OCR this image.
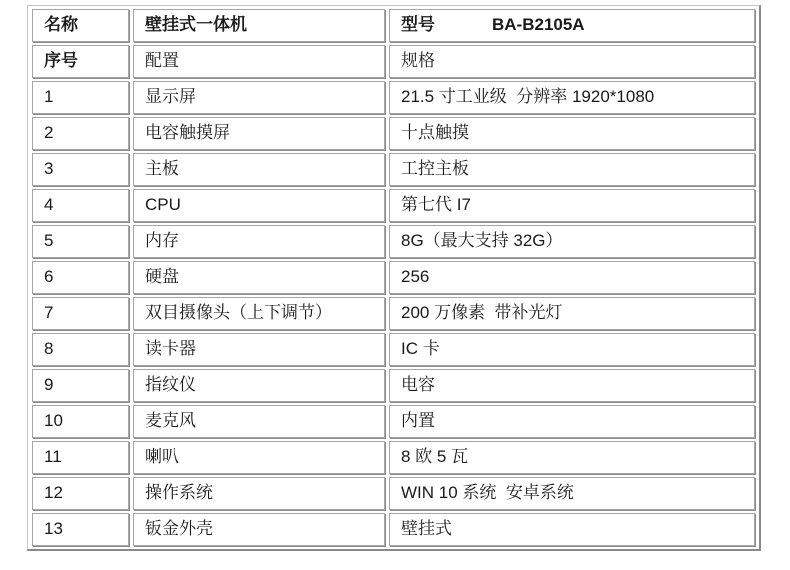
名称	壁挂式一体机	型号 BA-B2105A
序号	配置	规格
1	显示屏	21.5 寸工业级  分辨率 1920*1080
2	电容触摸屏	十点触摸
3	主板	工控主板
4	CPU	第七代 I7
5	内存	8G（最大支持 32G）
6	硬盘	256
7	双目摄像头（上下调节）	200 万像素  带补光灯
8	读卡器	IC 卡
9	指纹仪	电容
10	麦克风	内置
11	喇叭	8 欧 5 瓦
12	操作系统	WIN 10 系统  安卓系统
13	钣金外壳	壁挂式
